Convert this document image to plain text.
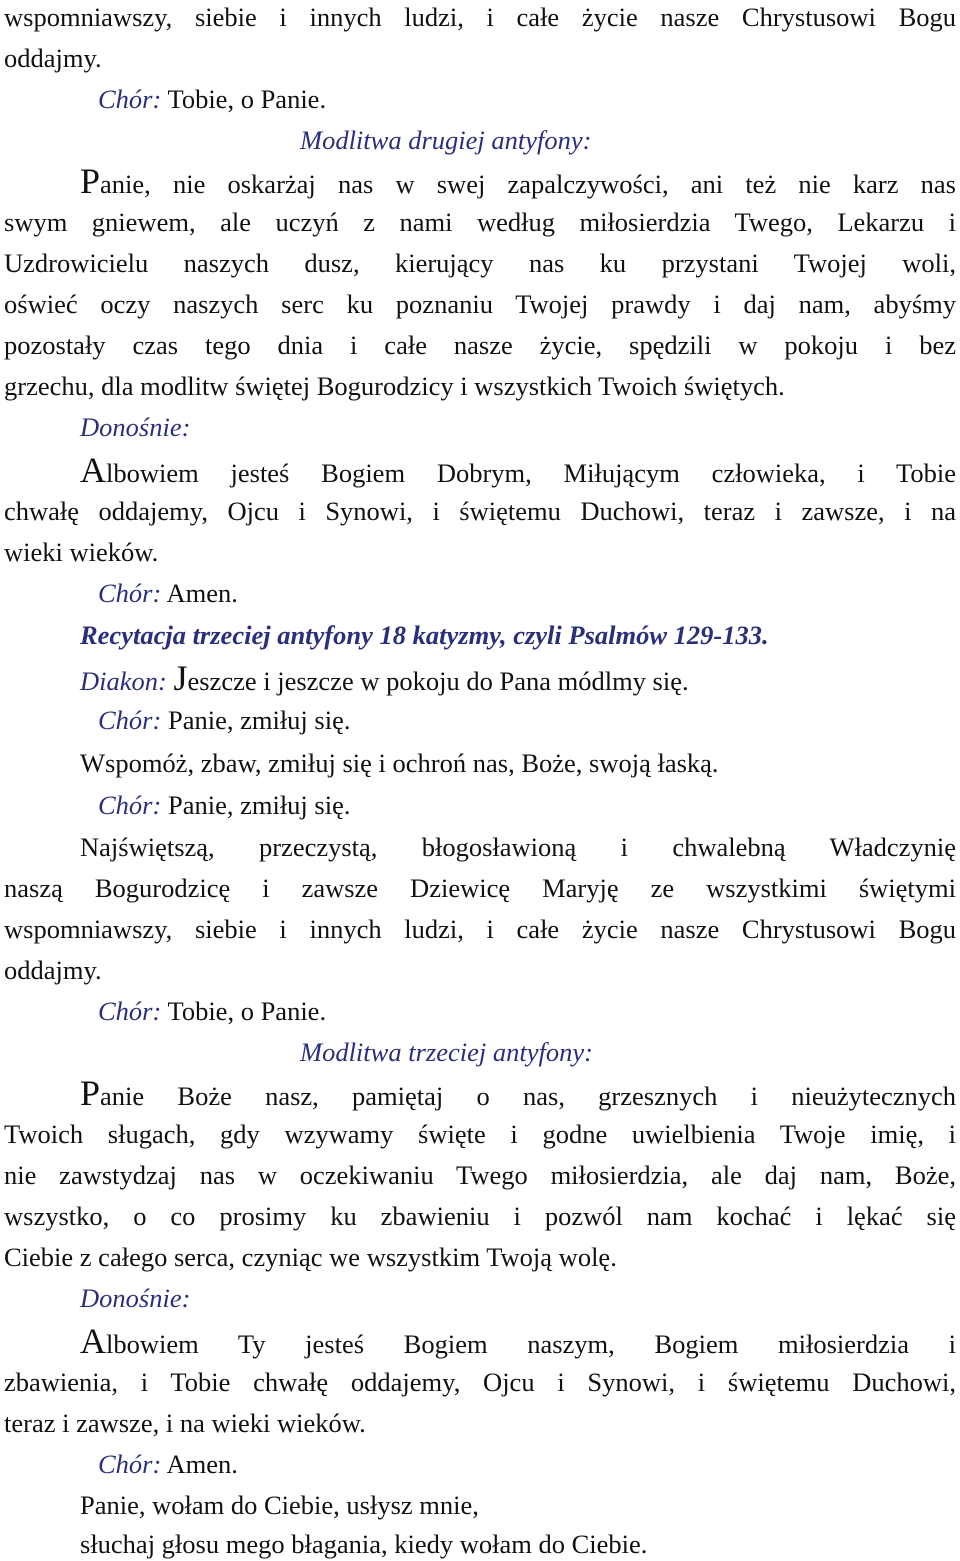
wspomniawszy, siebie i innych ludzi, i całe życie nasze Chrystusowi Bogu
oddajmy.
Chór: Tobie, o Panie.
Modlitwa drugiej antyfony:
Panie, nie oskarżaj nas w swej zapalczywości, ani też nie karz nas
swym gniewem, ale uczyń z nami według miłosierdzia Twego, Lekarzu i
Uzdrowicielu naszych dusz, kierujący nas ku przystani Twojej woli,
oświeć oczy naszych serc ku poznaniu Twojej prawdy i daj nam, abyśmy
pozostały czas tego dnia i całe nasze życie, spędzili w pokoju i bez
grzechu, dla modlitw świętej Bogurodzicy i wszystkich Twoich świętych.
Donośnie:
Albowiem jesteś Bogiem Dobrym, Miłującym człowieka, i Tobie
chwałę oddajemy, Ojcu i Synowi, i świętemu Duchowi, teraz i zawsze, i na
wieki wieków.
Chór: Amen.
Recytacja trzeciej antyfony 18 katyzmy, czyli Psalmów 129-133.
Diakon: Jeszcze i jeszcze w pokoju do Pana módlmy się.
Chór: Panie, zmiłuj się.
Wspomóż, zbaw, zmiłuj się i ochroń nas, Boże, swoją łaską.
Chór: Panie, zmiłuj się.
Najświętszą, przeczystą, błogosławioną i chwalebną Władczynię
naszą Bogurodzicę i zawsze Dziewicę Maryję ze wszystkimi świętymi
wspomniawszy, siebie i innych ludzi, i całe życie nasze Chrystusowi Bogu
oddajmy.
Chór: Tobie, o Panie.
Modlitwa trzeciej antyfony:
Panie Boże nasz, pamiętaj o nas, grzesznych i nieużytecznych
Twoich sługach, gdy wzywamy święte i godne uwielbienia Twoje imię, i
nie zawstydzaj nas w oczekiwaniu Twego miłosierdzia, ale daj nam, Boże,
wszystko, o co prosimy ku zbawieniu i pozwól nam kochać i lękać się
Ciebie z całego serca, czyniąc we wszystkim Twoją wolę.
Donośnie:
Albowiem Ty jesteś Bogiem naszym, Bogiem miłosierdzia i
zbawienia, i Tobie chwałę oddajemy, Ojcu i Synowi, i świętemu Duchowi,
teraz i zawsze, i na wieki wieków.
Chór: Amen.
Panie, wołam do Ciebie, usłysz mnie,
słuchaj głosu mego błagania, kiedy wołam do Ciebie.
